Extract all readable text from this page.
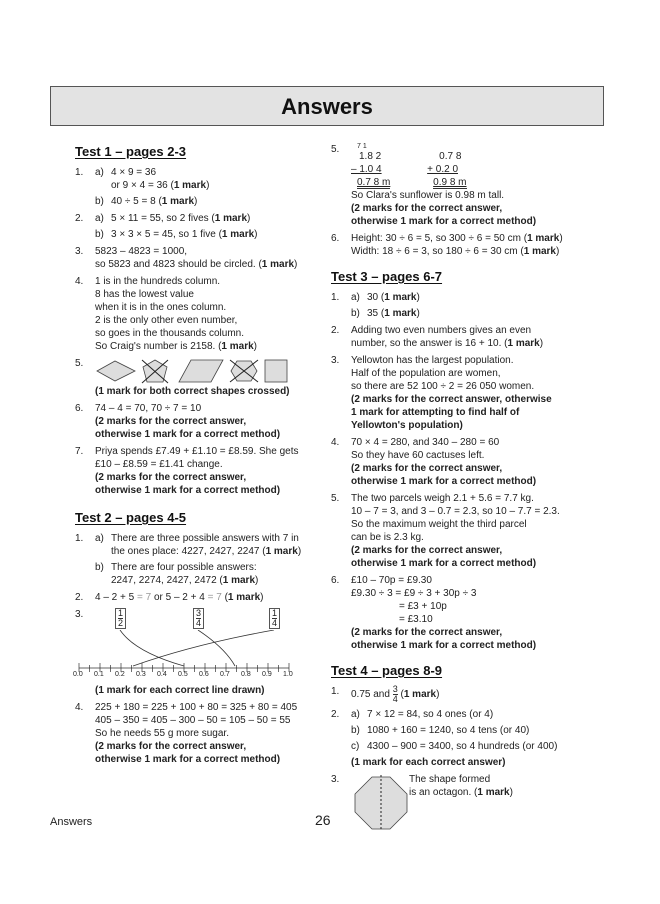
Answers
Test 1 – pages 2-3
1. a) 4 × 9 = 36
or 9 × 4 = 36 (1 mark)
b) 40 ÷ 5 = 8 (1 mark)
2. a) 5 × 11 = 55, so 2 fives (1 mark)
b) 3 × 3 × 5 = 45, so 1 five (1 mark)
3. 5823 – 4823 = 1000,
so 5823 and 4823 should be circled. (1 mark)
4. 1 is in the hundreds column.
8 has the lowest value
when it is in the ones column.
2 is the only other even number,
so goes in the thousands column.
So Craig's number is 2158. (1 mark)
5.
(1 mark for both correct shapes crossed)
6. 74 – 4 = 70, 70 ÷ 7 = 10
(2 marks for the correct answer,
otherwise 1 mark for a correct method)
7. Priya spends £7.49 + £1.10 = £8.59. She gets
£10 – £8.59 = £1.41 change.
(2 marks for the correct answer,
otherwise 1 mark for a correct method)
Test 2 – pages 4-5
1. a) There are three possible answers with 7 in
the ones place: 4227, 2427, 2247 (1 mark)
b) There are four possible answers:
2247, 2274, 2427, 2472 (1 mark)
2. 4 – 2 + 5 = 7 or 5 – 2 + 4 = 7 (1 mark)
3.	$\frac{1}{2}$	$\frac{3}{4}$	$\frac{1}{4}$
0.0 0.1 0.2 0.3 0.4 0.5 0.6 0.7 0.8 0.9 1.0
(1 mark for each correct line drawn)
4. 225 + 180 = 225 + 100 + 80 = 325 + 80 = 405
405 – 350 = 405 – 300 – 50 = 105 – 50 = 55
So he needs 55 g more sugar.
(2 marks for the correct answer,
otherwise 1 mark for a correct method)
5.	7 1
1.8 2
– 1.0 4
0.7 8 m

0.7 8
+ 0.2 0
0.9 8 m
So Clara's sunflower is 0.98 m tall.
(2 marks for the correct answer,
otherwise 1 mark for a correct method)
6. Height: 30 ÷ 6 = 5, so 300 ÷ 6 = 50 cm (1 mark)
Width: 18 ÷ 6 = 3, so 180 ÷ 6 = 30 cm (1 mark)
Test 3 – pages 6-7
1. a) 30 (1 mark)
b) 35 (1 mark)
2. Adding two even numbers gives an even
number, so the answer is 16 + 10. (1 mark)
3. Yellowton has the largest population.
Half of the population are women,
so there are 52 100 ÷ 2 = 26 050 women.
(2 marks for the correct answer, otherwise
1 mark for attempting to find half of
Yellowton's population)
4. 70 × 4 = 280, and 340 – 280 = 60
So they have 60 cactuses left.
(2 marks for the correct answer,
otherwise 1 mark for a correct method)
5. The two parcels weigh 2.1 + 5.6 = 7.7 kg.
10 – 7 = 3, and 3 – 0.7 = 2.3, so 10 – 7.7 = 2.3.
So the maximum weight the third parcel
can be is 2.3 kg.
(2 marks for the correct answer,
otherwise 1 mark for a correct method)
6. £10 – 70p = £9.30
£9.30 ÷ 3 = £9 ÷ 3 + 30p ÷ 3
= £3 + 10p
= £3.10
(2 marks for the correct answer,
otherwise 1 mark for a correct method)
Test 4 – pages 8-9
1. 0.75 and $\frac{3}{4} (1$ mark)
2. a) 7 × 12 = 84, so 4 ones (or 4)
b) 1080 + 160 = 1240, so 4 tens (or 40)
c) 4300 – 900 = 3400, so 4 hundreds (or 400)
(1 mark for each correct answer)
3.	The shape formed
is an octagon. (1 mark)
Answers	26
